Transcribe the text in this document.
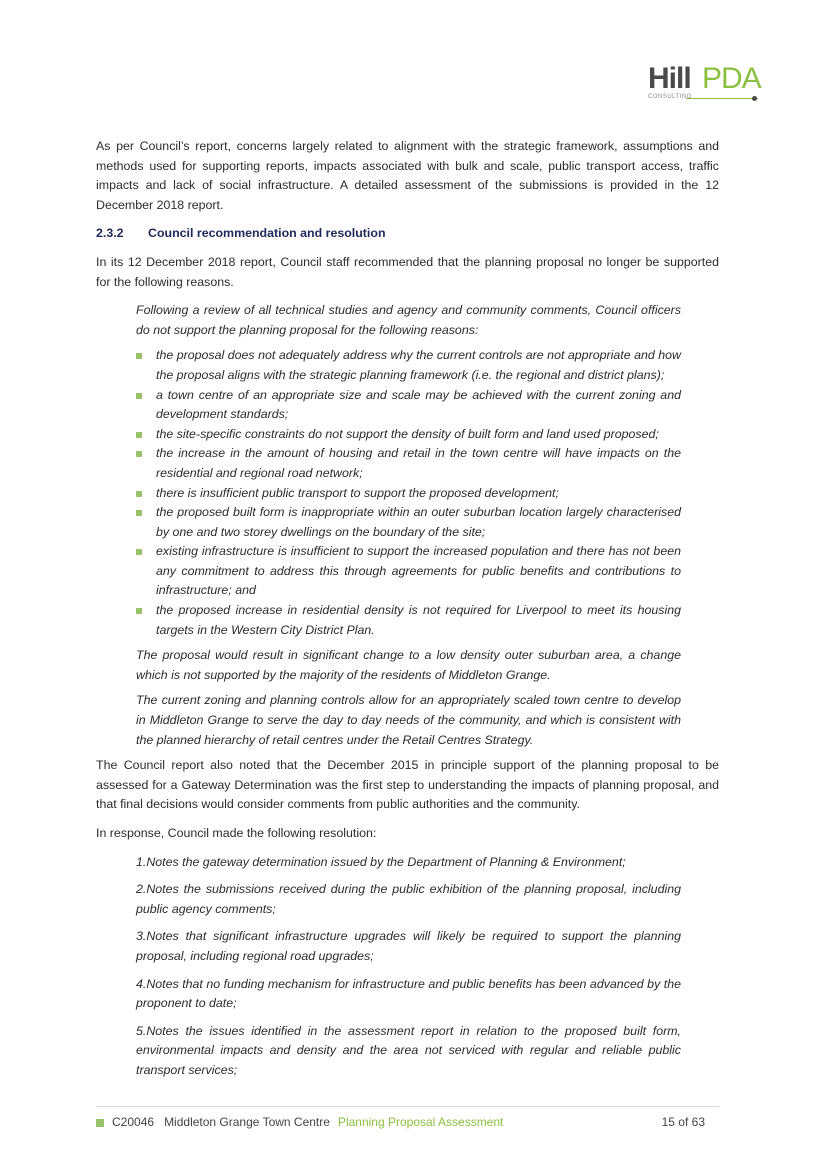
Hill PDA
CONSULTING

As per Council’s report, concerns largely related to alignment with the strategic framework, assumptions and methods used for supporting reports, impacts associated with bulk and scale, public transport access, traffic impacts and lack of social infrastructure. A detailed assessment of the submissions is provided in the 12 December 2018 report.

2.3.2 Council recommendation and resolution

In its 12 December 2018 report, Council staff recommended that the planning proposal no longer be supported for the following reasons.

Following a review of all technical studies and agency and community comments, Council officers do not support the planning proposal for the following reasons:

the proposal does not adequately address why the current controls are not appropriate and how the proposal aligns with the strategic planning framework (i.e. the regional and district plans);
a town centre of an appropriate size and scale may be achieved with the current zoning and development standards;
the site-specific constraints do not support the density of built form and land used proposed;
the increase in the amount of housing and retail in the town centre will have impacts on the residential and regional road network;
there is insufficient public transport to support the proposed development;
the proposed built form is inappropriate within an outer suburban location largely characterised by one and two storey dwellings on the boundary of the site;
existing infrastructure is insufficient to support the increased population and there has not been any commitment to address this through agreements for public benefits and contributions to infrastructure; and
the proposed increase in residential density is not required for Liverpool to meet its housing targets in the Western City District Plan.

The proposal would result in significant change to a low density outer suburban area, a change which is not supported by the majority of the residents of Middleton Grange.

The current zoning and planning controls allow for an appropriately scaled town centre to develop in Middleton Grange to serve the day to day needs of the community, and which is consistent with the planned hierarchy of retail centres under the Retail Centres Strategy.

The Council report also noted that the December 2015 in principle support of the planning proposal to be assessed for a Gateway Determination was the first step to understanding the impacts of planning proposal, and that final decisions would consider comments from public authorities and the community.

In response, Council made the following resolution:

1.Notes the gateway determination issued by the Department of Planning & Environment;

2.Notes the submissions received during the public exhibition of the planning proposal, including public agency comments;

3.Notes that significant infrastructure upgrades will likely be required to support the planning proposal, including regional road upgrades;

4.Notes that no funding mechanism for infrastructure and public benefits has been advanced by the proponent to date;

5.Notes the issues identified in the assessment report in relation to the proposed built form, environmental impacts and density and the area not serviced with regular and reliable public transport services;

C20046 Middleton Grange Town Centre Planning Proposal Assessment	15 of 63
